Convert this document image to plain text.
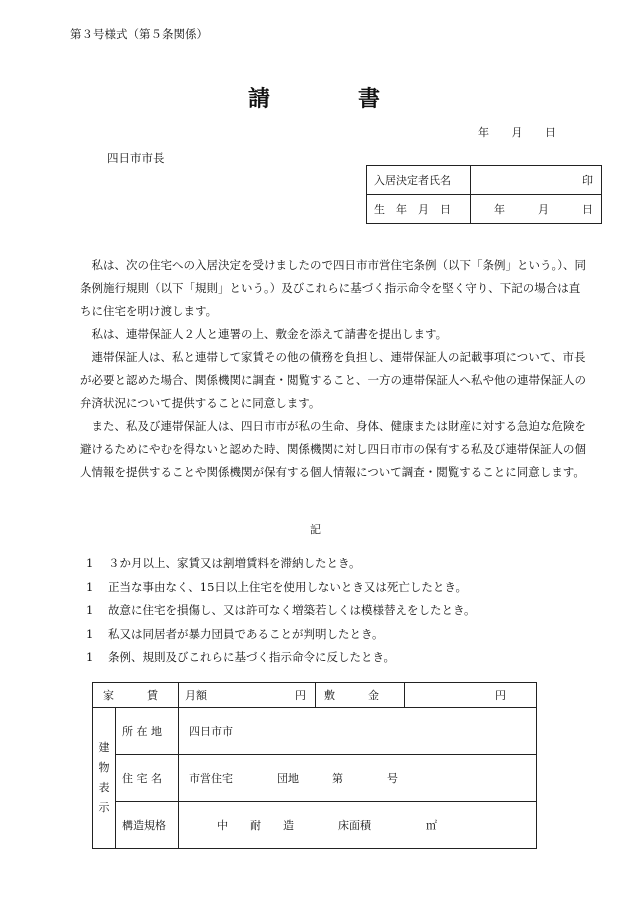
第３号様式（第５条関係）
請	書
年 月 日
四日市市長
入居決定者氏名	印
生　年　月　日	年　　　月　　　日

　私は、次の住宅への入居決定を受けましたので四日市市営住宅条例（以下「条例」という。）、同条例施行規則（以下「規則」という。）及びこれらに基づく指示命令を堅く守り、下記の場合は直ちに住宅を明け渡します。

　私は、連帯保証人２人と連署の上、敷金を添えて請書を提出します。

　連帯保証人は、私と連帯して家賃その他の債務を負担し、連帯保証人の記載事項について、市長が必要と認めた場合、関係機関に調査・閲覧すること、一方の連帯保証人へ私や他の連帯保証人の弁済状況について提供することに同意します。

　また、私及び連帯保証人は、四日市市が私の生命、身体、健康または財産に対する急迫な危険を避けるためにやむを得ないと認めた時、関係機関に対し四日市市の保有する私及び連帯保証人の個人情報を提供することや関係機関が保有する個人情報について調査・閲覧することに同意します。

記
1 ３か月以上、家賃又は割増賃料を滞納したとき。
1 正当な事由なく、15日以上住宅を使用しないとき又は死亡したとき。
1 故意に住宅を損傷し、又は許可なく増築若しくは模様替えをしたとき。
1 私又は同居者が暴力団員であることが判明したとき。
1 条例、規則及びこれらに基づく指示命令に反したとき。
家　　　賃		月額　　　　　　　　円	敷　　　金	円
建
物
表
示	所 在 地	四日市市		
	住 宅 名	市営住宅　　　　団地　　　第　　　　号		
	構造規格	中　　耐　　造　　　　床面積　　　　　㎡		
